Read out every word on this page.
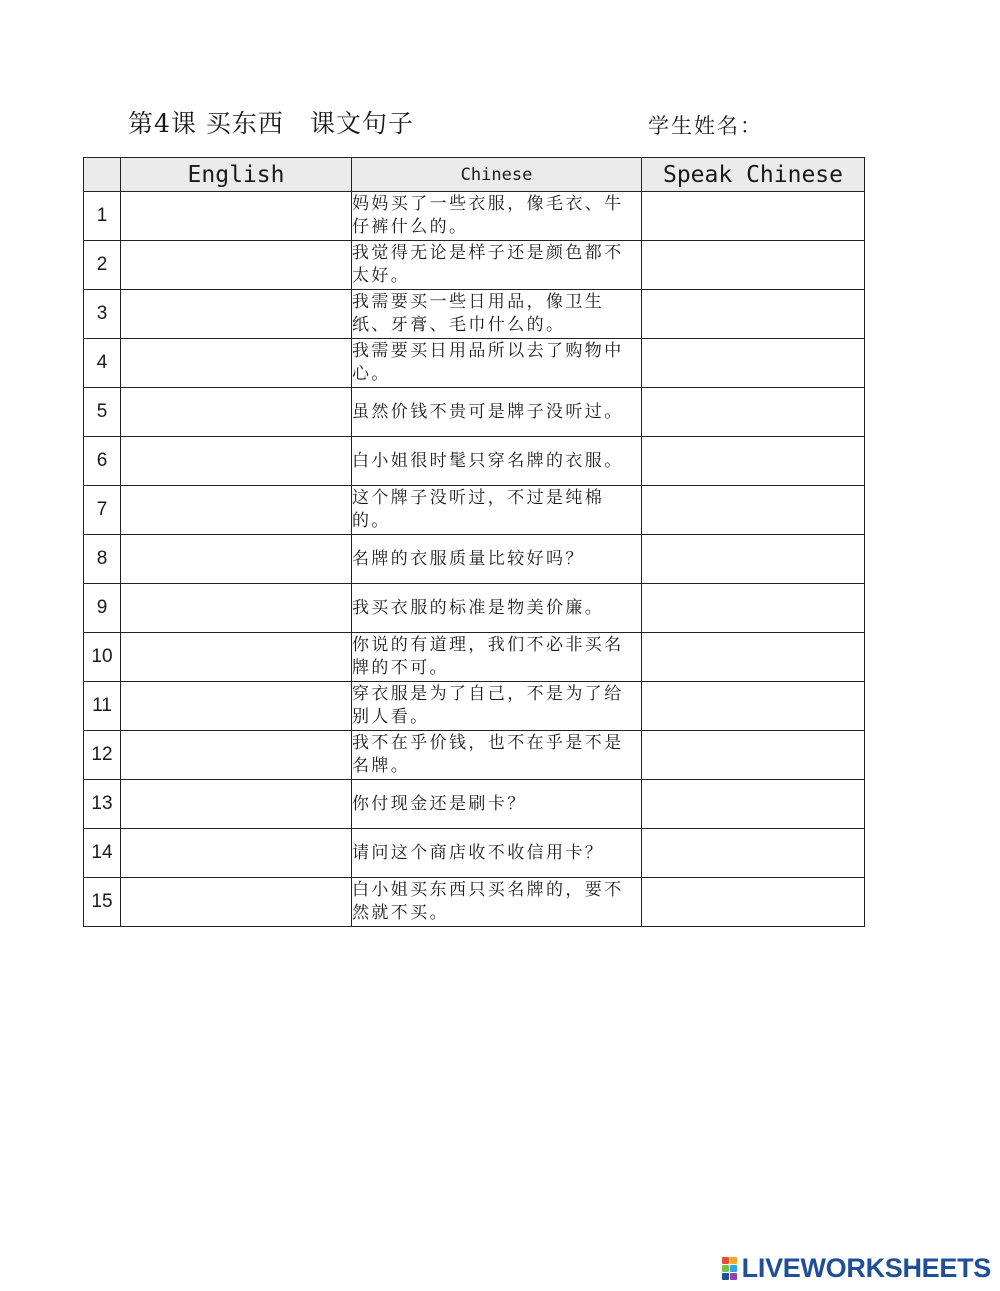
第4课 买东西　课文句子	学生姓名：
	English	Chinese	Speak Chinese
1		妈妈买了一些衣服，像毛衣、牛仔裤什么的。	
2		我觉得无论是样子还是颜色都不太好。	
3		我需要买一些日用品，像卫生纸、牙膏、毛巾什么的。	
4		我需要买日用品所以去了购物中心。	
5		虽然价钱不贵可是牌子没听过。	
6		白小姐很时髦只穿名牌的衣服。	
7		这个牌子没听过，不过是纯棉的。	
8		名牌的衣服质量比较好吗？	
9		我买衣服的标准是物美价廉。	
10		你说的有道理，我们不必非买名牌的不可。	
11		穿衣服是为了自己，不是为了给别人看。	
12		我不在乎价钱，也不在乎是不是名牌。	
13		你付现金还是刷卡？	
14		请问这个商店收不收信用卡？	
15		白小姐买东西只买名牌的，要不然就不买。	
LIVEWORKSHEETS
